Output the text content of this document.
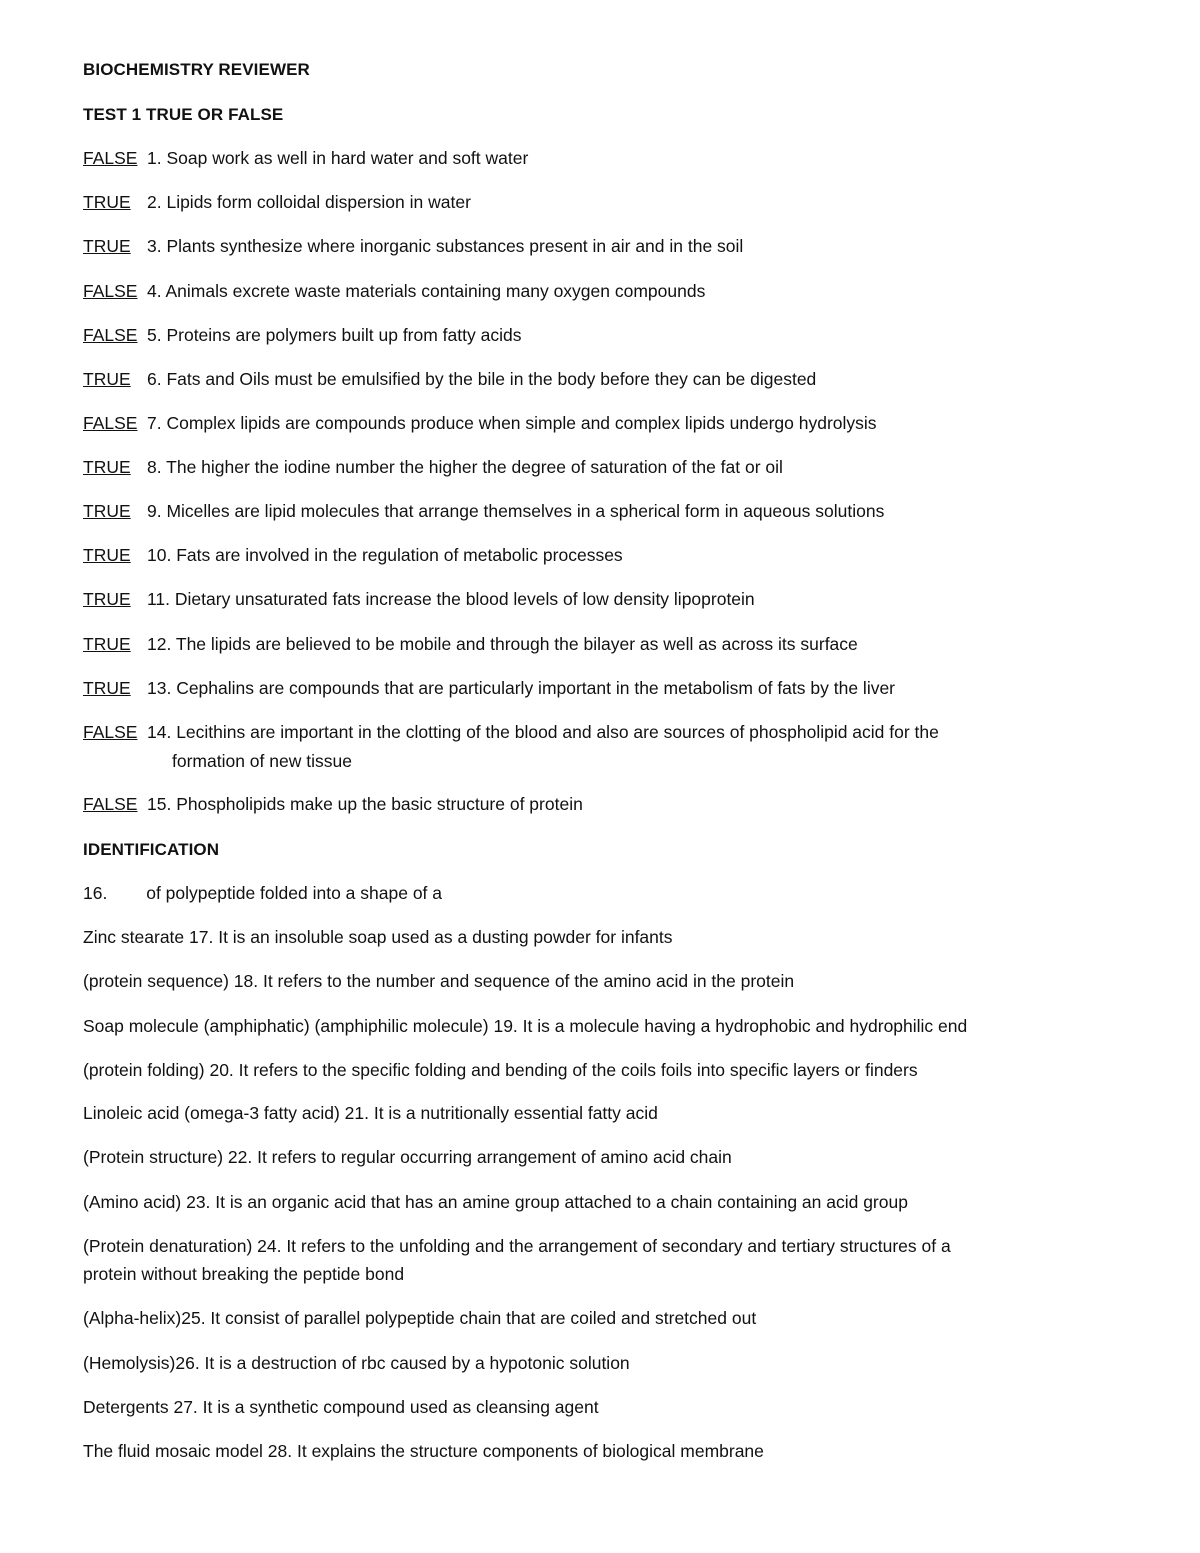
BIOCHEMISTRY REVIEWER
TEST 1 TRUE OR FALSE
FALSE 1. Soap work as well in hard water and soft water
TRUE 2. Lipids form colloidal dispersion in water
TRUE 3. Plants synthesize where inorganic substances present in air and in the soil
FALSE 4. Animals excrete waste materials containing many oxygen compounds
FALSE 5. Proteins are polymers built up from fatty acids
TRUE 6. Fats and Oils must be emulsified by the bile in the body before they can be digested
FALSE 7. Complex lipids are compounds produce when simple and complex lipids undergo hydrolysis
TRUE 8. The higher the iodine number the higher the degree of saturation of the fat or oil
TRUE 9. Micelles are lipid molecules that arrange themselves in a spherical form in aqueous solutions
TRUE 10. Fats are involved in the regulation of metabolic processes
TRUE 11. Dietary unsaturated fats increase the blood levels of low density lipoprotein
TRUE 12. The lipids are believed to be mobile and through the bilayer as well as across its surface
TRUE 13. Cephalins are compounds that are particularly important in the metabolism of fats by the liver
FALSE 14. Lecithins are important in the clotting of the blood and also are sources of phospholipid acid for the
formation of new tissue
FALSE 15. Phospholipids make up the basic structure of protein
IDENTIFICATION
16.        of polypeptide folded into a shape of a
Zinc stearate 17. It is an insoluble soap used as a dusting powder for infants
(protein sequence) 18. It refers to the number and sequence of the amino acid in the protein
Soap molecule (amphiphatic) (amphiphilic molecule) 19. It is a molecule having a hydrophobic and hydrophilic end
(protein folding) 20. It refers to the specific folding and bending of the coils foils into specific layers or finders
Linoleic acid (omega-3 fatty acid) 21. It is a nutritionally essential fatty acid
(Protein structure) 22. It refers to regular occurring arrangement of amino acid chain
(Amino acid) 23. It is an organic acid that has an amine group attached to a chain containing an acid group
(Protein denaturation) 24. It refers to the unfolding and the arrangement of secondary and tertiary structures of a
protein without breaking the peptide bond
(Alpha-helix)25. It consist of parallel polypeptide chain that are coiled and stretched out
(Hemolysis)26. It is a destruction of rbc caused by a hypotonic solution
Detergents 27. It is a synthetic compound used as cleansing agent
The fluid mosaic model 28. It explains the structure components of biological membrane
